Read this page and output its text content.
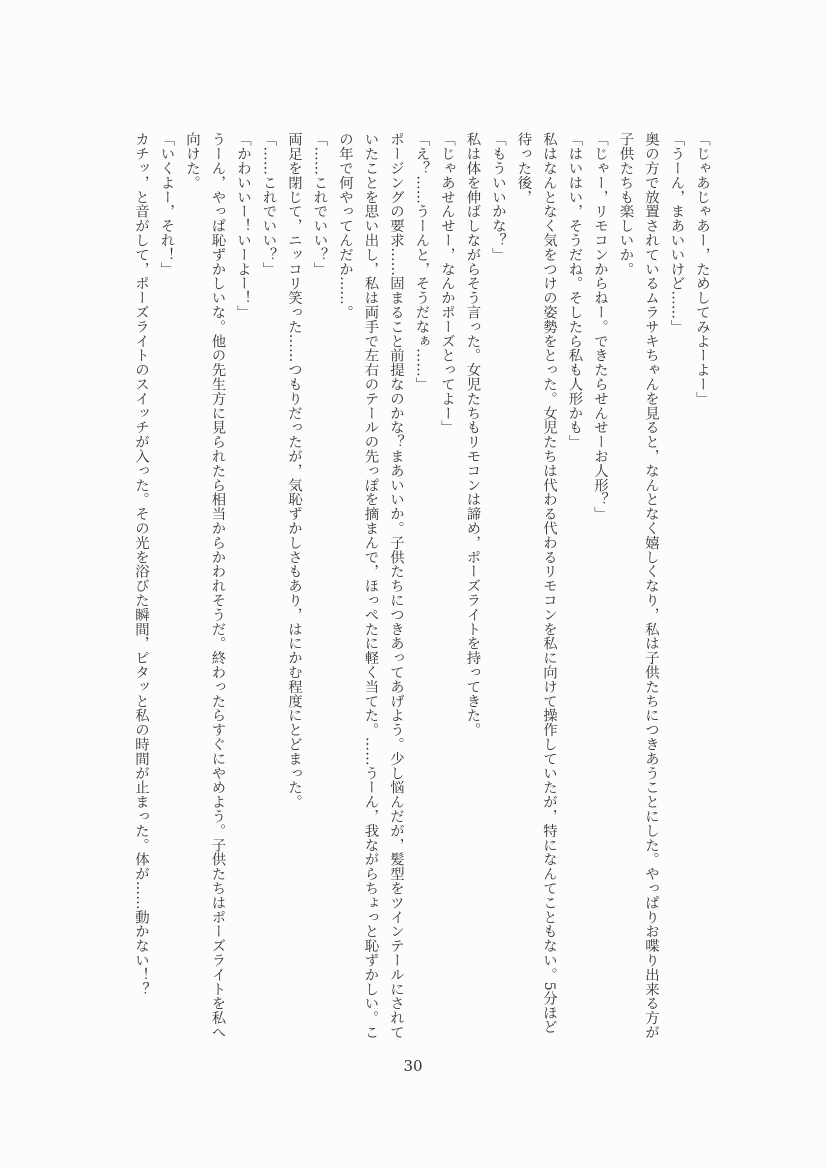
「じゃあじゃあー，ためしてみよーよー」

「うーん，まあいいけど……」

奥の方で放置されているムラサキちゃんを見ると，なんとなく嬉しくなり，私は子供たちにつきあうことにした。やっぱりお喋り出来る方が

子供たちも楽しいか。

「じゃー，リモコンからねー。できたらせんせーお人形？」

「はいはい，そうだね。そしたら私も人形かも」

私はなんとなく気をつけの姿勢をとった。女児たちは代わる代わるリモコンを私に向けて操作していたが，特になんてこともない。5分ほど

待った後，

「もういいかな？」

私は体を伸ばしながらそう言った。女児たちもリモコンは諦め，ポーズライトを持ってきた。

「じゃあせんせー，なんかポーズとってよー」

「え？……うーんと，そうだなぁ……」

ポージングの要求……固まること前提なのかな？まあいいか。子供たちにつきあってあげよう。少し悩んだが，髪型をツインテールにされて

いたことを思い出し，私は両手で左右のテールの先っぽを摘まんで，ほっぺたに軽く当てた。……うーん，我ながらちょっと恥ずかしい。こ

の年で何やってんだか……。

「……これでいい？」

両足を閉じて，ニッコリ笑った……つもりだったが，気恥ずかしさもあり，はにかむ程度にとどまった。

「……これでいい？」

「かわいいー！いーよー！」

うーん，やっぱ恥ずかしいな。他の先生方に見られたら相当からかわれそうだ。終わったらすぐにやめよう。子供たちはポーズライトを私へ

向けた。

「いくよー，それ！」

カチッ，と音がして，ポーズライトのスイッチが入った。その光を浴びた瞬間，ピタッと私の時間が止まった。体が……動かない！？

30
